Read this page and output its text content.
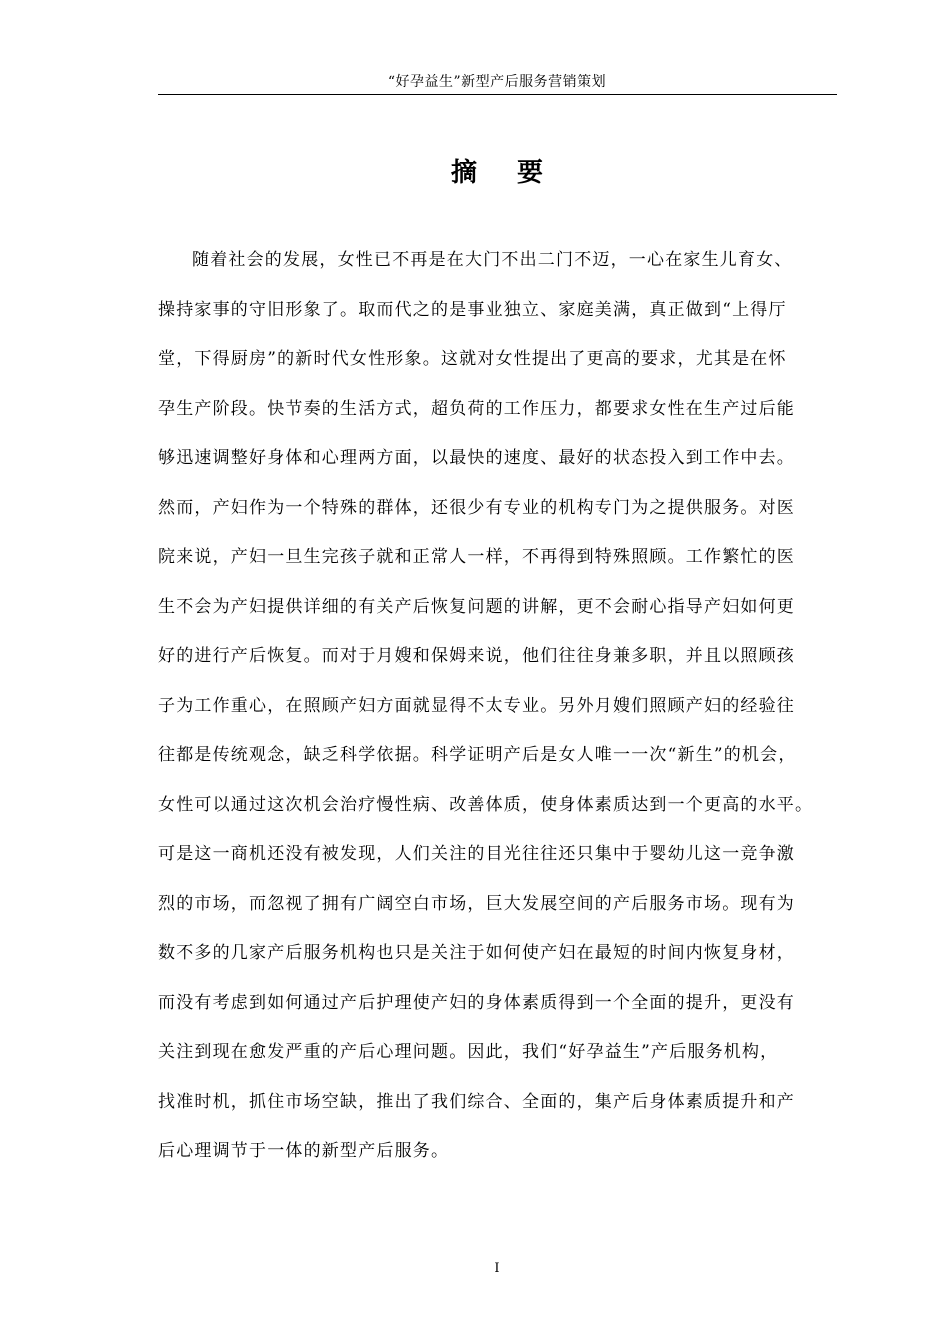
“好孕益生”新型产后服务营销策划
摘 要
随着社会的发展，女性已不再是在大门不出二门不迈，一心在家生儿育女、
操持家事的守旧形象了。取而代之的是事业独立、家庭美满，真正做到“上得厅
堂，下得厨房”的新时代女性形象。这就对女性提出了更高的要求，尤其是在怀
孕生产阶段。快节奏的生活方式，超负荷的工作压力，都要求女性在生产过后能
够迅速调整好身体和心理两方面，以最快的速度、最好的状态投入到工作中去。
然而，产妇作为一个特殊的群体，还很少有专业的机构专门为之提供服务。对医
院来说，产妇一旦生完孩子就和正常人一样，不再得到特殊照顾。工作繁忙的医
生不会为产妇提供详细的有关产后恢复问题的讲解，更不会耐心指导产妇如何更
好的进行产后恢复。而对于月嫂和保姆来说，他们往往身兼多职，并且以照顾孩
子为工作重心，在照顾产妇方面就显得不太专业。另外月嫂们照顾产妇的经验往
往都是传统观念，缺乏科学依据。科学证明产后是女人唯一一次“新生”的机会，
女性可以通过这次机会治疗慢性病、改善体质，使身体素质达到一个更高的水平。
可是这一商机还没有被发现，人们关注的目光往往还只集中于婴幼儿这一竞争激
烈的市场，而忽视了拥有广阔空白市场，巨大发展空间的产后服务市场。现有为
数不多的几家产后服务机构也只是关注于如何使产妇在最短的时间内恢复身材，
而没有考虑到如何通过产后护理使产妇的身体素质得到一个全面的提升，更没有
关注到现在愈发严重的产后心理问题。因此，我们“好孕益生”产后服务机构，
找准时机，抓住市场空缺，推出了我们综合、全面的，集产后身体素质提升和产
后心理调节于一体的新型产后服务。
I
